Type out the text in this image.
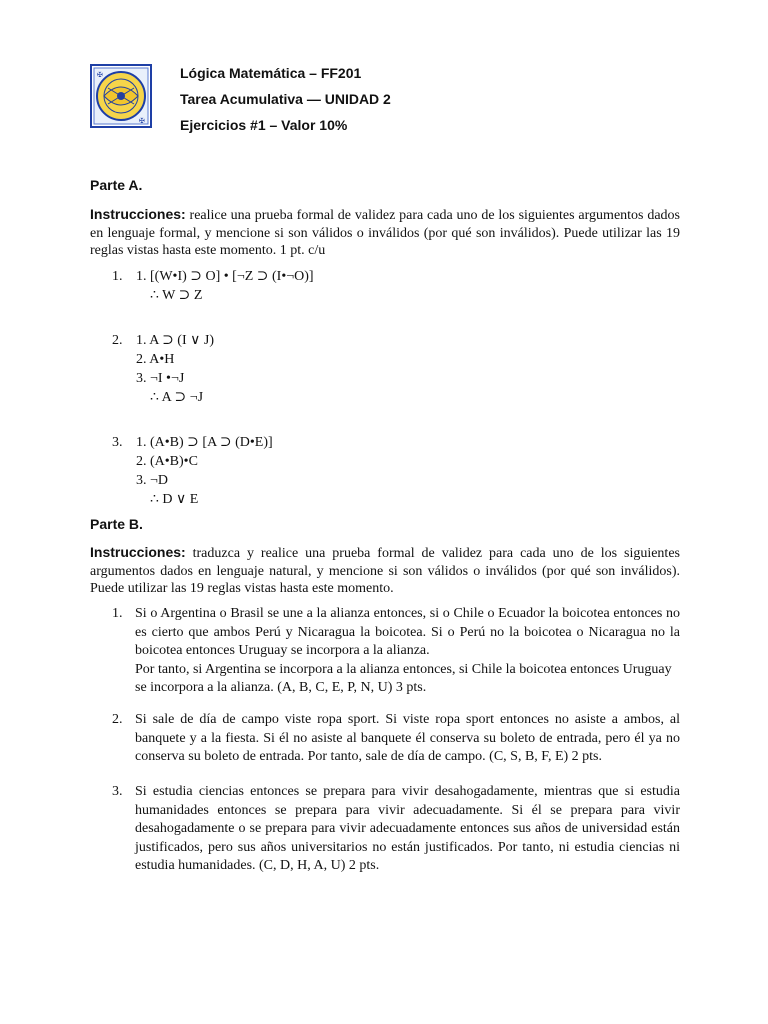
✠
✠
Lógica Matemática – FF201
Tarea Acumulativa — UNIDAD 2
Ejercicios #1 – Valor 10%
Parte A.
Instrucciones: realice una prueba formal de validez para cada uno de los siguientes argumentos dados en lenguaje formal, y mencione si son válidos o inválidos (por qué son inválidos). Puede utilizar las 19 reglas vistas hasta este momento. 1 pt. c/u
1. 1. [(W•I) ⊃ O] • [¬Z ⊃ (I•¬O)]
∴ W ⊃ Z
2. 1. A ⊃ (I ∨ J)
2. A•H
3. ¬I •¬J
∴ A ⊃ ¬J
3. 1. (A•B) ⊃ [A ⊃ (D•E)]
2. (A•B)•C
3. ¬D
∴ D ∨ E
Parte B.
Instrucciones: traduzca y realice una prueba formal de validez para cada uno de los siguientes argumentos dados en lenguaje natural, y mencione si son válidos o inválidos (por qué son inválidos). Puede utilizar las 19 reglas vistas hasta este momento.
1. Si o Argentina o Brasil se une a la alianza entonces, si o Chile o Ecuador la boicotea entonces no es cierto que ambos Perú y Nicaragua la boicotea. Si o Perú no la boicotea o Nicaragua no la boicotea entonces Uruguay se incorpora a la alianza.
Por tanto, si Argentina se incorpora a la alianza entonces, si Chile la boicotea entonces Uruguay se incorpora a la alianza. (A, B, C, E, P, N, U) 3 pts.
2. Si sale de día de campo viste ropa sport. Si viste ropa sport entonces no asiste a ambos, al banquete y a la fiesta. Si él no asiste al banquete él conserva su boleto de entrada, pero él ya no conserva su boleto de entrada. Por tanto, sale de día de campo. (C, S, B, F, E) 2 pts.
3. Si estudia ciencias entonces se prepara para vivir desahogadamente, mientras que si estudia humanidades entonces se prepara para vivir adecuadamente. Si él se prepara para vivir desahogadamente o se prepara para vivir adecuadamente entonces sus años de universidad están justificados, pero sus años universitarios no están justificados. Por tanto, ni estudia ciencias ni estudia humanidades. (C, D, H, A, U) 2 pts.
